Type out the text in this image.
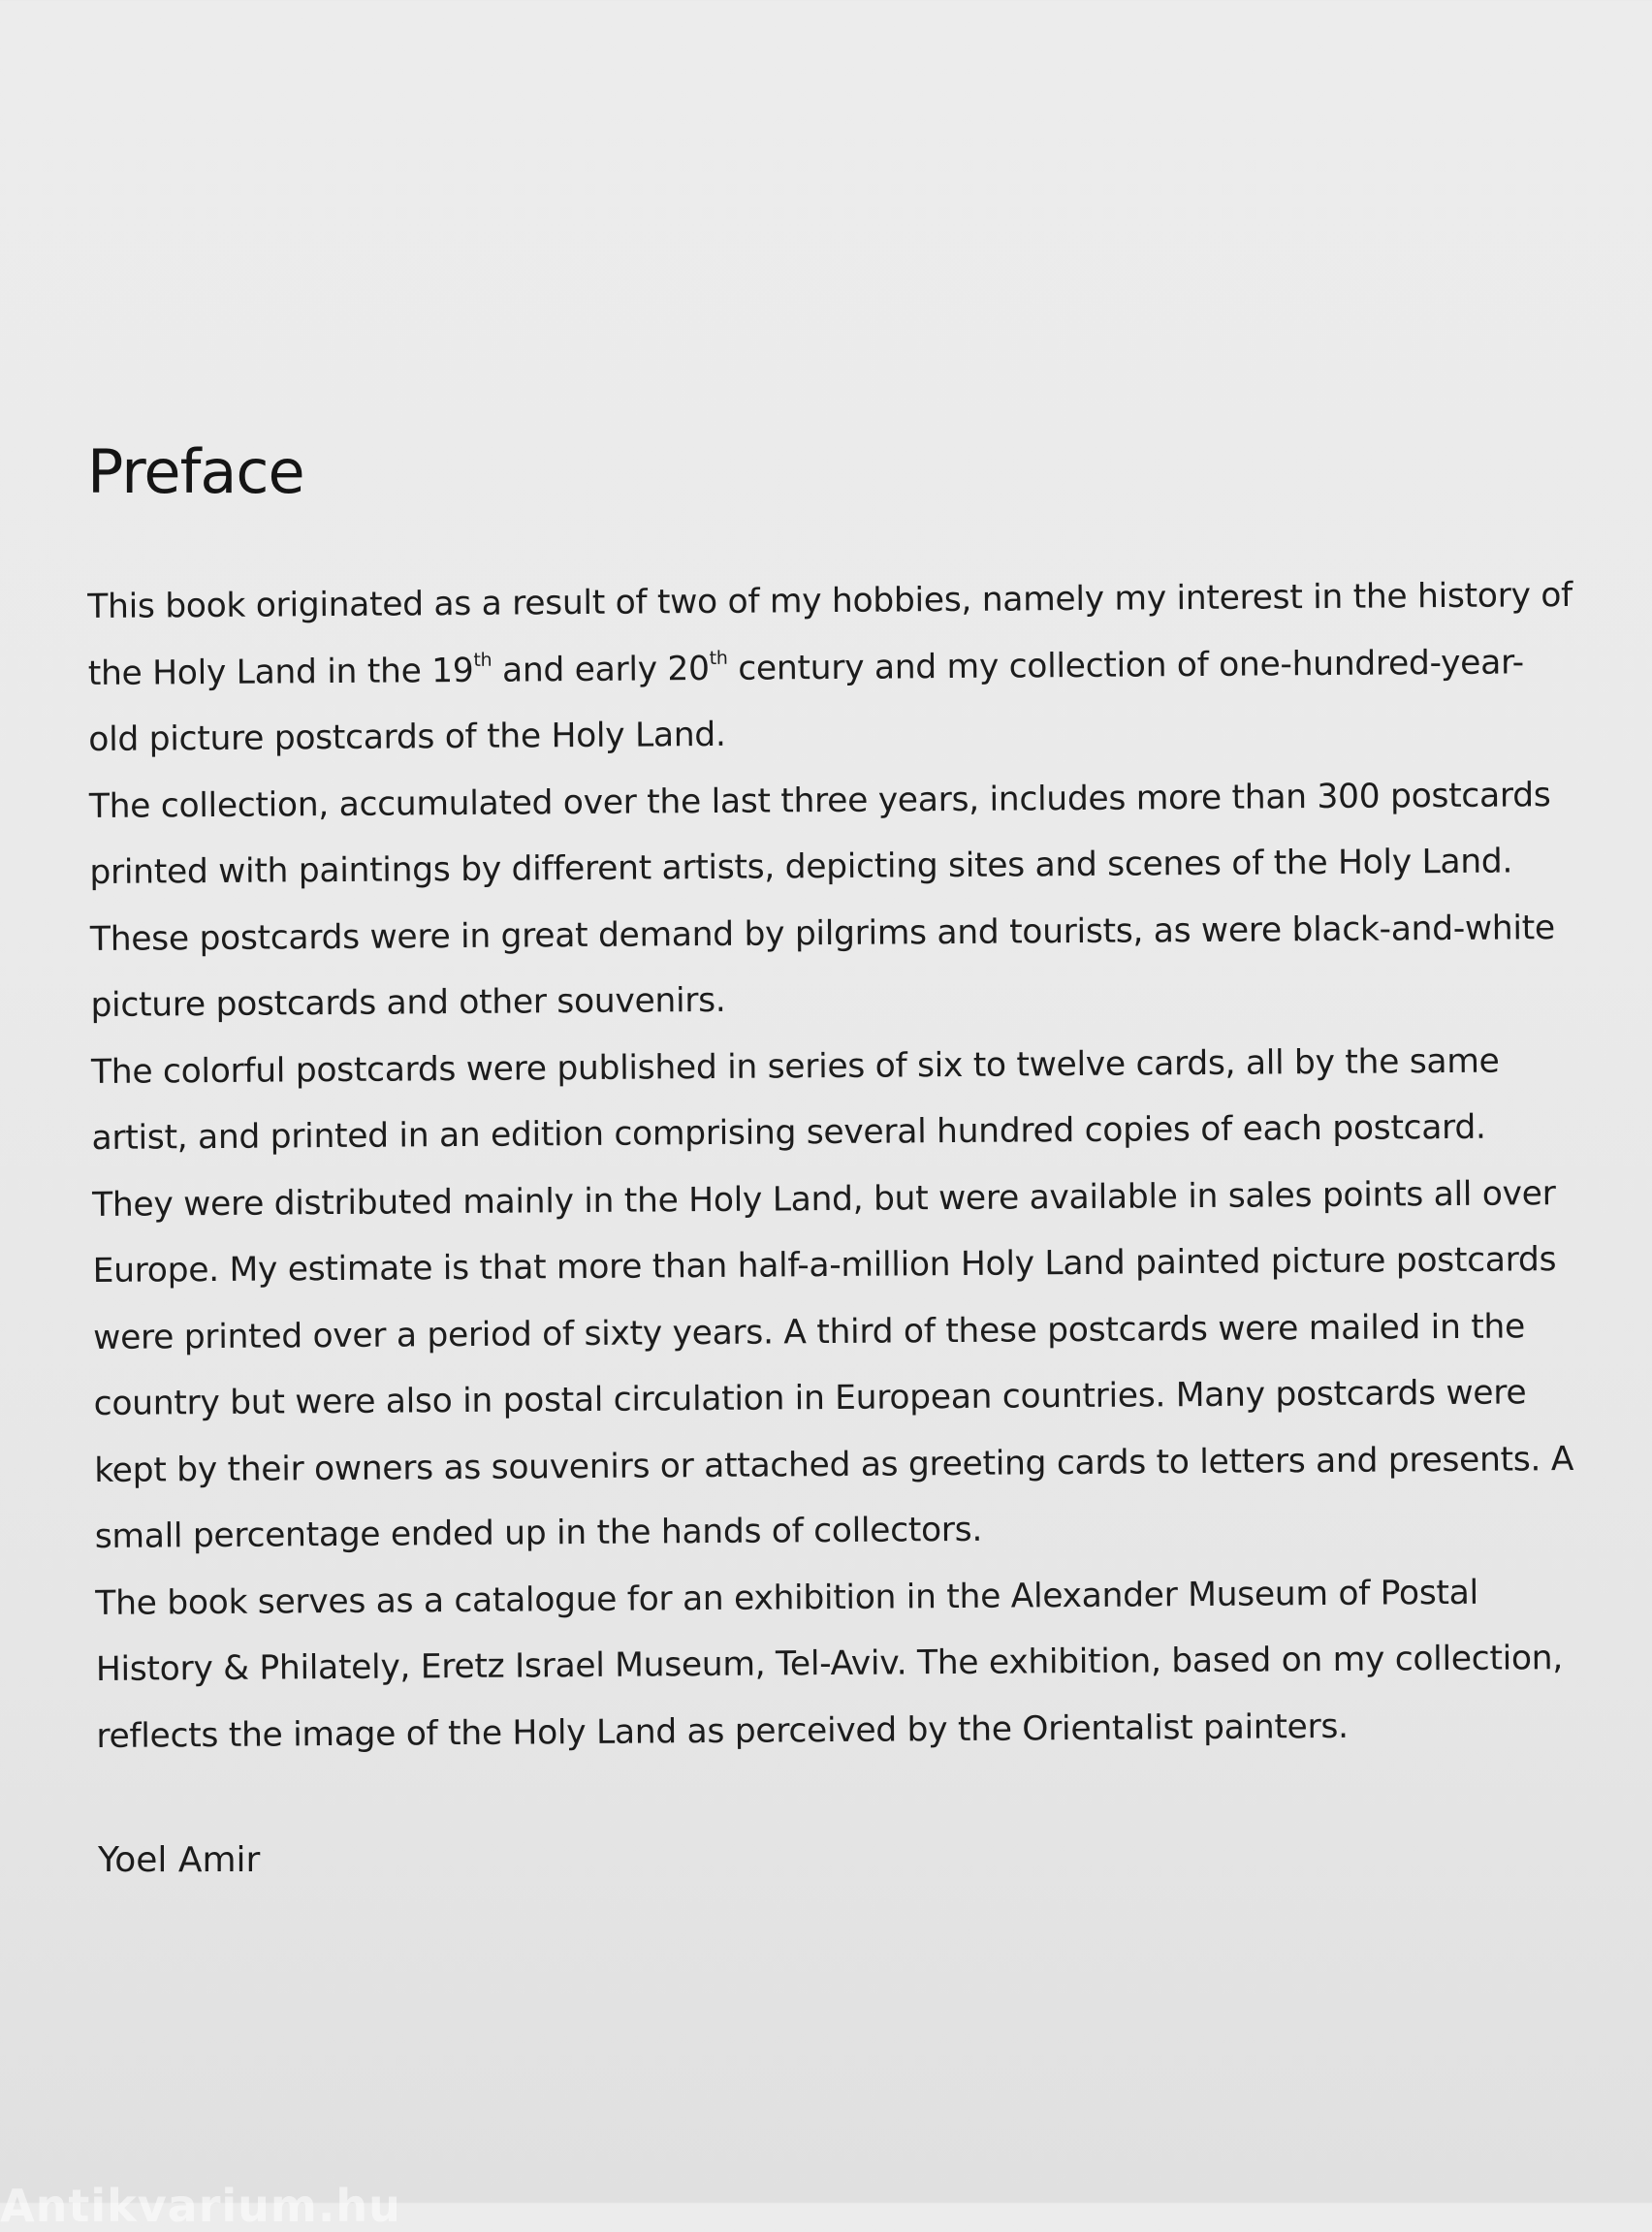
Preface
This book originated as a result of two of my hobbies, namely my interest in the history of
the Holy Land in the 19th and early 20th century and my collection of one-hundred-year-
old picture postcards of the Holy Land.
The collection, accumulated over the last three years, includes more than 300 postcards
printed with paintings by different artists, depicting sites and scenes of the Holy Land.
These postcards were in great demand by pilgrims and tourists, as were black-and-white
picture postcards and other souvenirs.
The colorful postcards were published in series of six to twelve cards, all by the same
artist, and printed in an edition comprising several hundred copies of each postcard.
They were distributed mainly in the Holy Land, but were available in sales points all over
Europe. My estimate is that more than half-a-million Holy Land painted picture postcards
were printed over a period of sixty years. A third of these postcards were mailed in the
country but were also in postal circulation in European countries. Many postcards were
kept by their owners as souvenirs or attached as greeting cards to letters and presents. A
small percentage ended up in the hands of collectors.
The book serves as a catalogue for an exhibition in the Alexander Museum of Postal
History & Philately, Eretz Israel Museum, Tel-Aviv. The exhibition, based on my collection,
reflects the image of the Holy Land as perceived by the Orientalist painters.

Yoel Amir

Antikvarium.hu
